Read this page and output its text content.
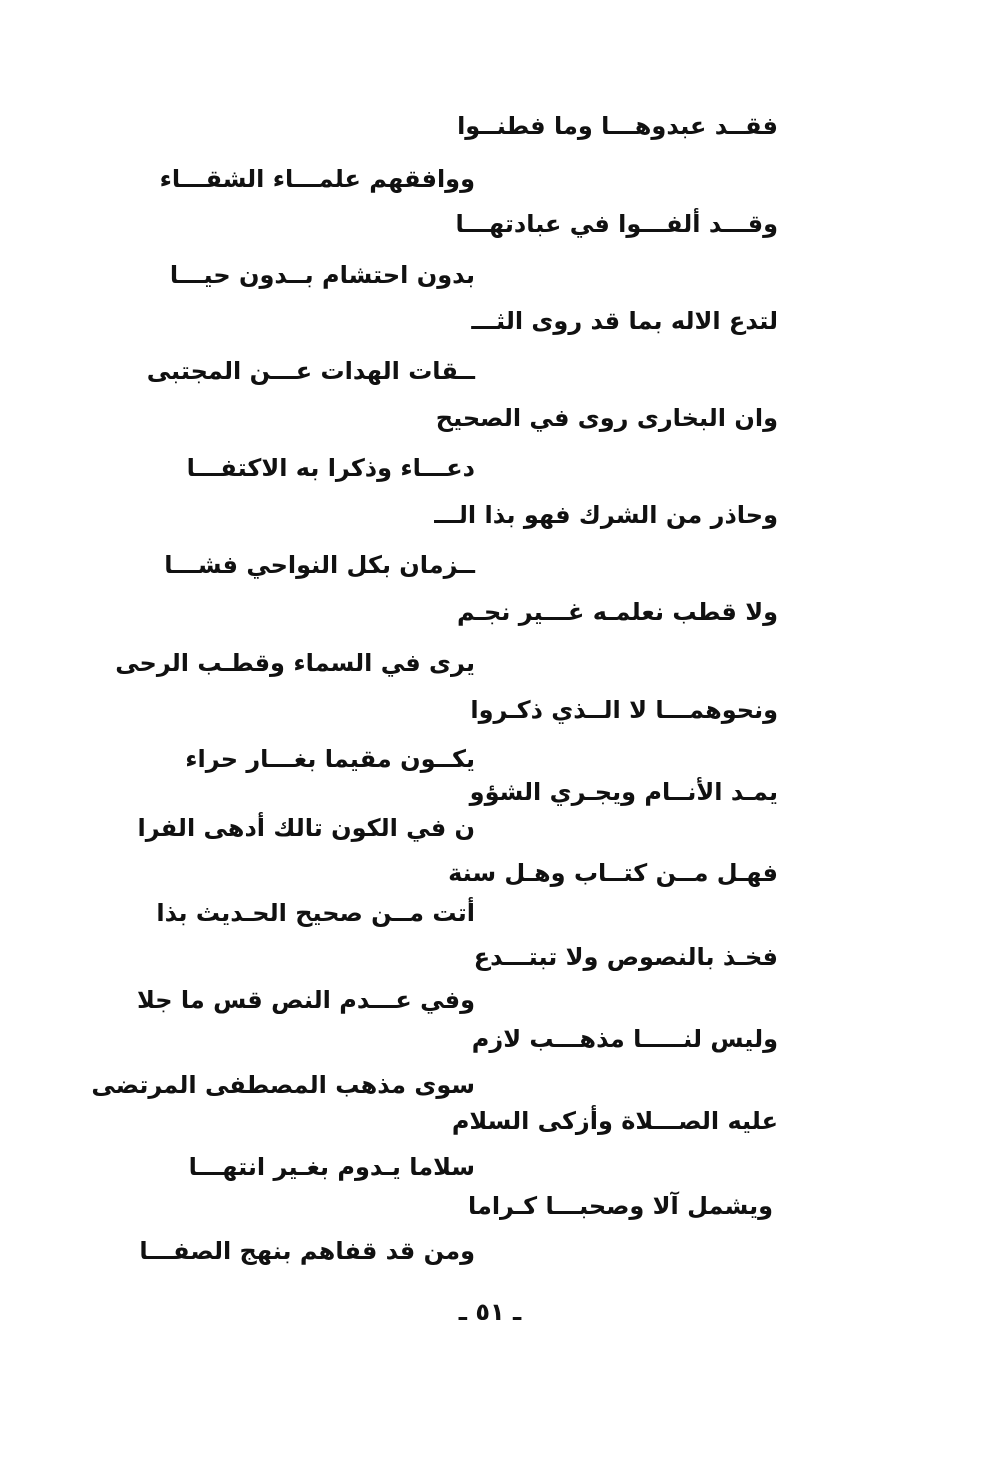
فقــد عبدوهـــا وما فطنــوا
ووافقهم علمـــاء الشقـــاء
وقـــد ألفـــوا في عبادتهـــا
بدون احتشام بــدون حيـــا
لتدع الاله بما قد روى الثـــ
ــقات الهدات عـــن المجتبى
وان البخارى روى في الصحيح
دعـــاء وذكرا به الاكتفـــا
وحاذر من الشرك فهو بذا الـــ
ــزمان بكل النواحي فشـــا
ولا قطب نعلمـه غـــير نجـم
يرى في السماء وقطـب الرحى
ونحوهمـــا لا الــذي ذكـروا
يكــون مقيما بغـــار حراء
يمـد الأنــام ويجـري الشؤو
ن في الكون تالك أدهى الفرا
فهـل مــن كتــاب وهـل سنة
أتت مــن صحيح الحـديث بذا
فخـذ بالنصوص ولا تبتـــدع
وفي عـــدم النص قس ما جلا
وليس لنـــــا مذهـــب لازم
سوى مذهب المصطفى المرتضى
عليه الصـــلاة وأزكى السلام
سلاما يـدوم بغـير انتهـــا
ويشمل آلا وصحبـــا كـراما
ومن قد قفاهم بنهج الصفـــا
ـ ٥١ ـ
